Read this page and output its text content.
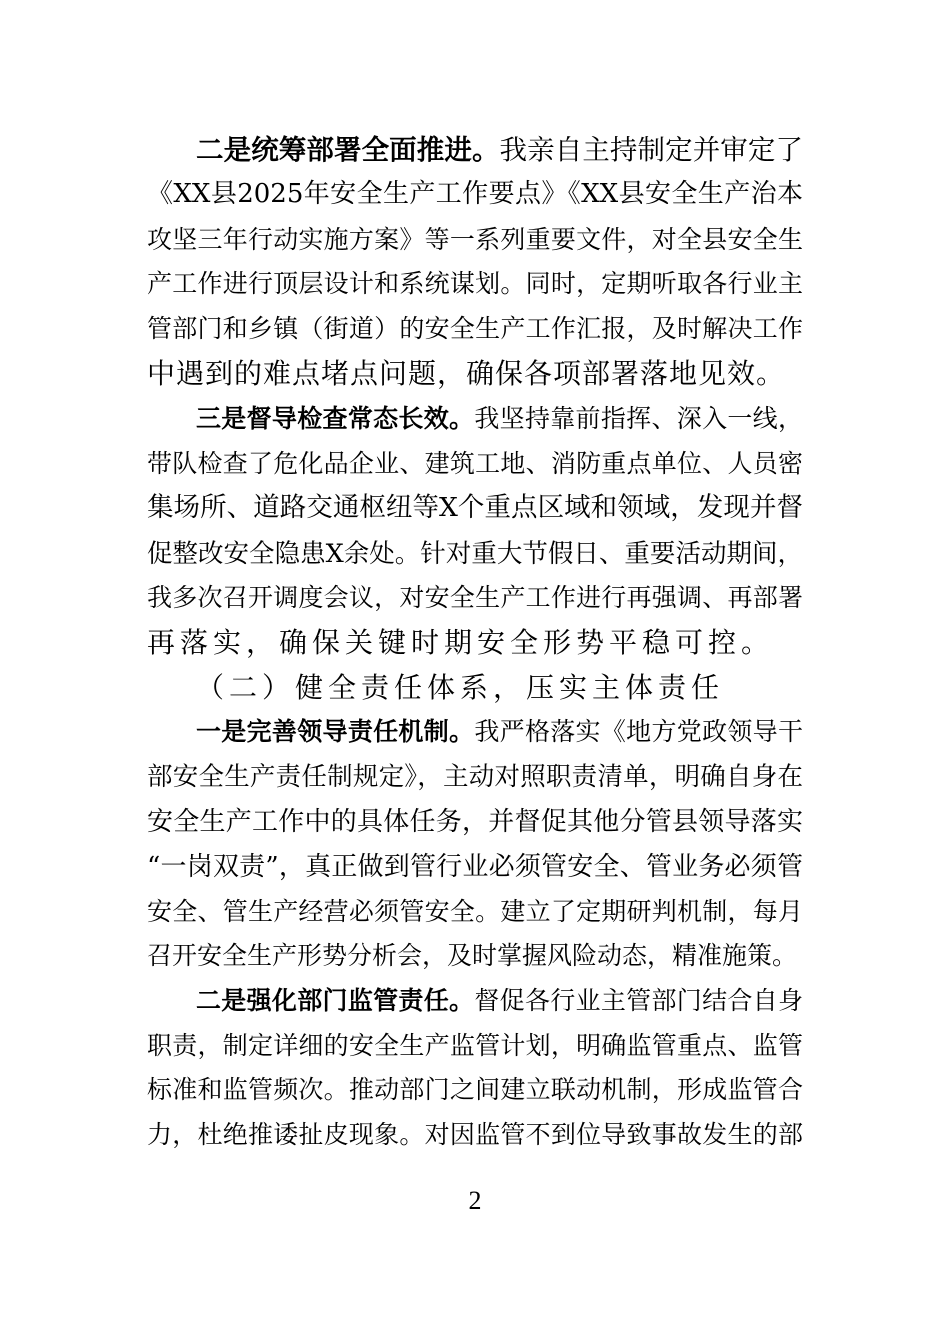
二是统筹部署全面推进。我亲自主持制定并审定了
《XX县2025年安全生产工作要点》《XX县安全生产治本
攻坚三年行动实施方案》等一系列重要文件，对全县安全生
产工作进行顶层设计和系统谋划。同时，定期听取各行业主
管部门和乡镇（街道）的安全生产工作汇报，及时解决工作
中遇到的难点堵点问题，确保各项部署落地见效。
三是督导检查常态长效。我坚持靠前指挥、深入一线，
带队检查了危化品企业、建筑工地、消防重点单位、人员密
集场所、道路交通枢纽等X个重点区域和领域，发现并督
促整改安全隐患X余处。针对重大节假日、重要活动期间，
我多次召开调度会议，对安全生产工作进行再强调、再部署
再落实，确保关键时期安全形势平稳可控。
（二）健全责任体系，压实主体责任
一是完善领导责任机制。我严格落实《地方党政领导干
部安全生产责任制规定》，主动对照职责清单，明确自身在
安全生产工作中的具体任务，并督促其他分管县领导落实
“一岗双责”，真正做到管行业必须管安全、管业务必须管
安全、管生产经营必须管安全。建立了定期研判机制，每月
召开安全生产形势分析会，及时掌握风险动态，精准施策。
二是强化部门监管责任。督促各行业主管部门结合自身
职责，制定详细的安全生产监管计划，明确监管重点、监管
标准和监管频次。推动部门之间建立联动机制，形成监管合
力，杜绝推诿扯皮现象。对因监管不到位导致事故发生的部
2
